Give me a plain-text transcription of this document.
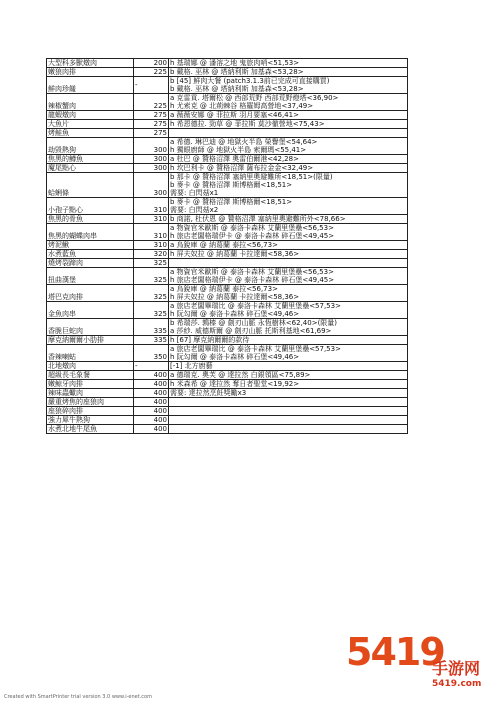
大型科多獸燉肉	200	h 基瑞娜 @ 潘溶之地 鬼旅肉哨<51,53>

嫩狼肉排	225	b 戴格. 巫林 @ 塔納利斯 加基森<53,28>

鮮肉珍饈	-	b [45] 鮮肉大餐 (patch3.1.3前已完成可直接購買)
b 戴格. 巫林 @ 塔納利斯 加基森<53,28>

辣椒蟹肉	225	a 克雷貢. 塔爾松 @ 西部荒野 西部荒野燈塔<36,90>
h 尤索克 @ 北荊棘谷 格羅姆高營地<37,49>

龍蝦燉肉	275	a 薇薇安娜 @ 菲拉斯 羽月要塞<46,41>

大魚片	275	h 希恩德拉. 勁草 @ 菲拉斯 莫沙徹營地<75,43>

烤鮭魚	275	

劫毀熱狗	300	a 希德. 琳巴迪 @ 地獄火半島 榮譽堡<54,64>
h 獨眼廚師 @ 地獄火半島 索爾瑪<55,41>

焦黑的鱒魚	300	a 杜巴 @ 贊格沼澤 奧雷伯爾港<42,28>

魔尾點心	300	h 坎巴利卡 @ 贊格沼澤 薩布拉金金<32,49>

蛤蜊條	300	b 那卡 @ 贊格沼澤 塞納里奧避難所<18,51>(限量)
b 麥卡 @ 贊格沼澤 斯博格爾<18,51>
需要: 白閃菇x1

小孢子點心	310	b 麥卡 @ 贊格沼澤 斯博格爾<18,51>
需要: 白閃菇x2

焦黑的骨魚	310	b 商諾, 杜伏恩 @ 贊格沼澤 塞納里奧避難所外<78,66>

焦黑的蝴蝶肉串	310	a 物資官米歐斯 @ 泰洛卡森林 艾蘭里堡壘<56,53>
h 旅店老闆格瑞伊卡 @ 泰洛卡森林 碎石堡<49,45>

烤泥鰍	310	a 烏銳庫 @ 納葛蘭 泰拉<56,73>

水煮藍魚	320	h 屏夫奴拉 @ 納葛蘭 卡拉達爾<58,36>

燒烤裂蹄肉	325	

扭曲漢堡	325	a 物資官米歐斯 @ 泰洛卡森林 艾蘭里堡壘<56,53>
h 旅店老闆格瑞伊卡 @ 泰洛卡森林 碎石堡<49,45>

塔巴克肉排	325	a 烏銳庫 @ 納葛蘭 泰拉<56,73>
h 屏夫奴拉 @ 納葛蘭 卡拉達爾<58,36>

金魚肉串	325	a 旅店老闆畢瑞比 @ 泰洛卡森林 艾蘭里堡壘<57,53>
h 阮勾爾 @ 泰洛卡森林 碎石堡<49,46>

香脆巨蛇肉	335	b 希瑞莎. 鶉榛 @ 劍刃山脈 永恆樹林<62,40>(限量)
a 莎紗. 威德斯爾 @ 劍刃山脈 托斯利基地<61,69>

摩克納爾爾小肋排	335	h [67] 摩克納爾爾的款待

香辣喇蛄	350	a 旅店老闆畢瑞比 @ 泰洛卡森林 艾蘭里堡壘<57,53>
h 阮勾爾 @ 泰洛卡森林 碎石堡<49,46>

北地燉肉	-	[-1] 北方廚藝

超級長毛象餐	400	a 德瑞克. 奧芙 @ 達拉然 白銀領區<75,89>

嫩鯨牙肉排	400	h 米森希 @ 達拉然 奪日者聖堂<19,92>

辣味蟲蠍肉	400	需要: 達拉然烹飪獎勵x3

嚴重烤焦的座狼肉	400	

座狼碎肉排	400	

強力犀牛熱狗	400	

水煮北地牛尾魚	400	
Created with SmartPrinter trial version 3.0 www.i-enet.com
5419
手游网
5419.com
